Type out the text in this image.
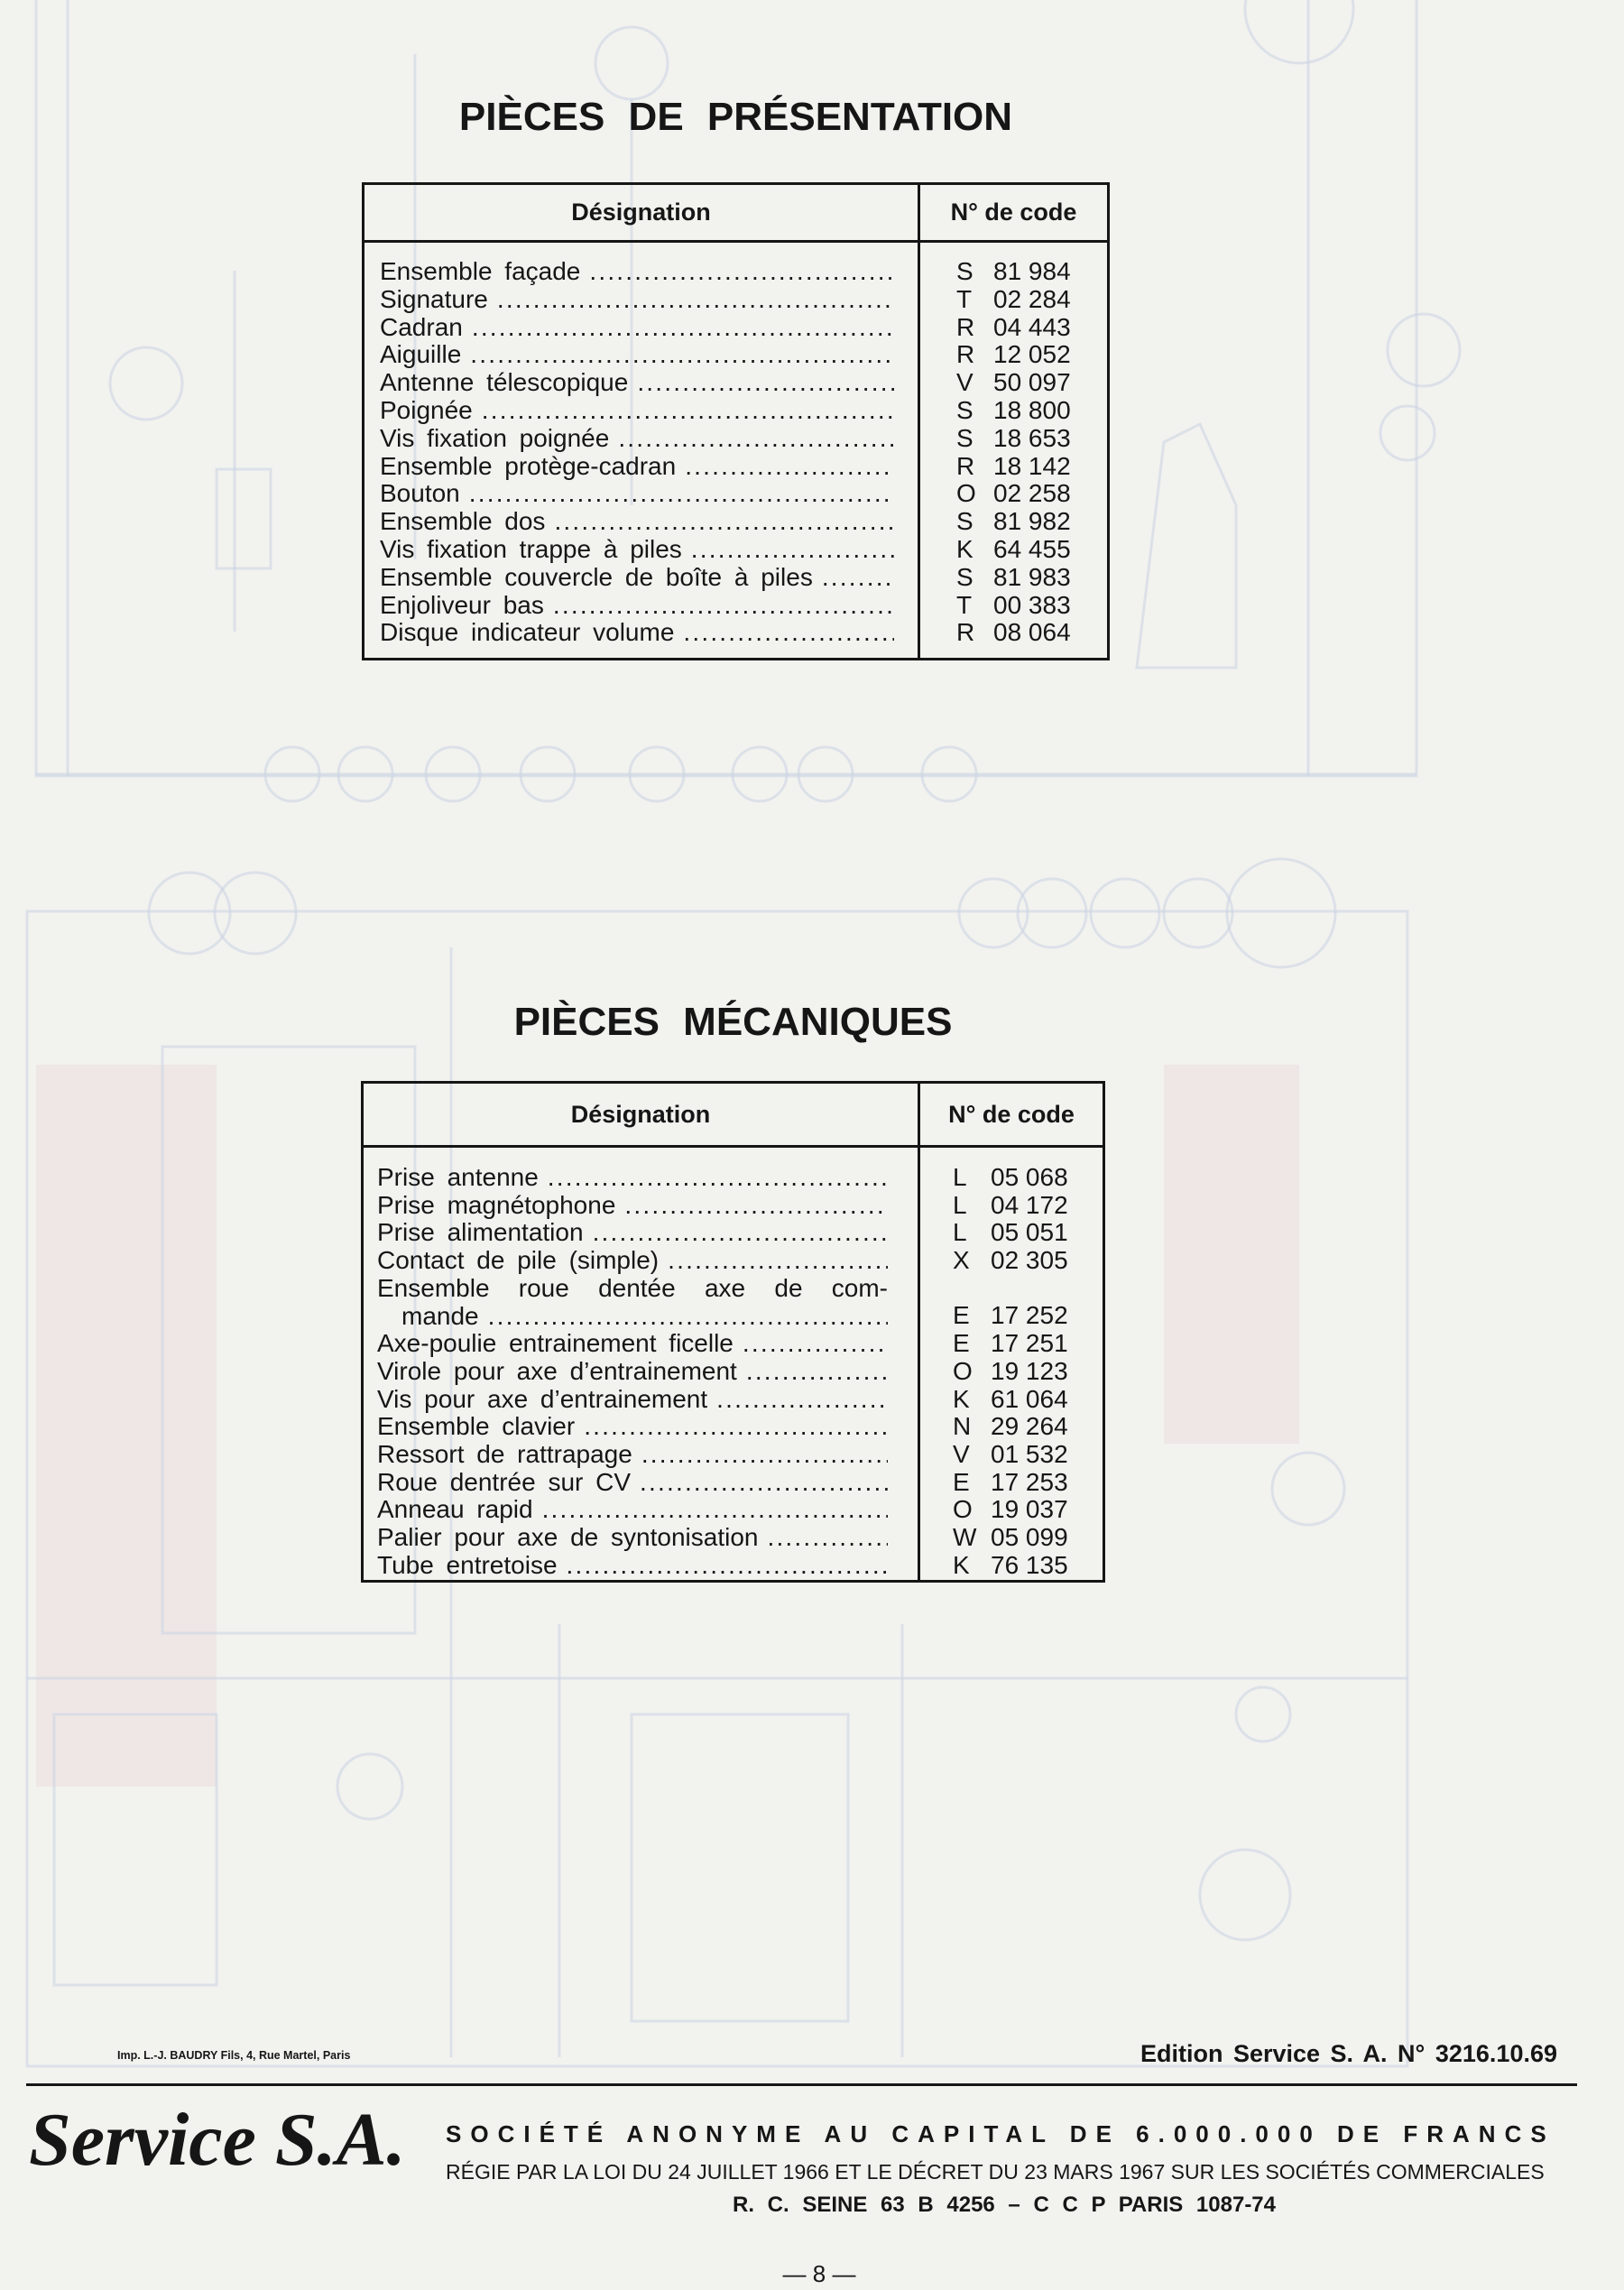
PIÈCES DE PRÉSENTATION
Désignation	N° de code
Ensemble façade .....	S 81 984
Signature .....	T 02 284
Cadran .....	R 04 443
Aiguille .....	R 12 052
Antenne télescopique .....	V 50 097
Poignée .....	S 18 800
Vis fixation poignée .....	S 18 653
Ensemble protège-cadran .....	R 18 142
Bouton .....	O 02 258
Ensemble dos .....	S 81 982
Vis fixation trappe à piles .....	K 64 455
Ensemble couvercle de boîte à piles .....	S 81 983
Enjoliveur bas .....	T 00 383
Disque indicateur volume .....	R 08 064
PIÈCES MÉCANIQUES
Désignation	N° de code
Prise antenne .....	L 05 068
Prise magnétophone .....	L 04 172
Prise alimentation .....	L 05 051
Contact de pile (simple) .....	X 02 305
Ensemble roue dentée axe de com-
mande .....	E 17 252
Axe-poulie entrainement ficelle .....	E 17 251
Virole pour axe d’entrainement .....	O 19 123
Vis pour axe d’entrainement .....	K 61 064
Ensemble clavier .....	N 29 264
Ressort de rattrapage .....	V 01 532
Roue dentrée sur CV .....	E 17 253
Anneau rapid .....	O 19 037
Palier pour axe de syntonisation .....	W 05 099
Tube entretoise .....	K 76 135
Imp. L.-J. BAUDRY Fils, 4, Rue Martel, Paris	Edition Service S. A. N° 3216.10.69
Service S.A. SOCIÉTÉ ANONYME AU CAPITAL DE 6.000.000 DE FRANCS
RÉGIE PAR LA LOI DU 24 JUILLET 1966 ET LE DÉCRET DU 23 MARS 1967 SUR LES SOCIÉTÉS COMMERCIALES
R. C. SEINE 63 B 4256 – C C P PARIS 1087-74
— 8 —
